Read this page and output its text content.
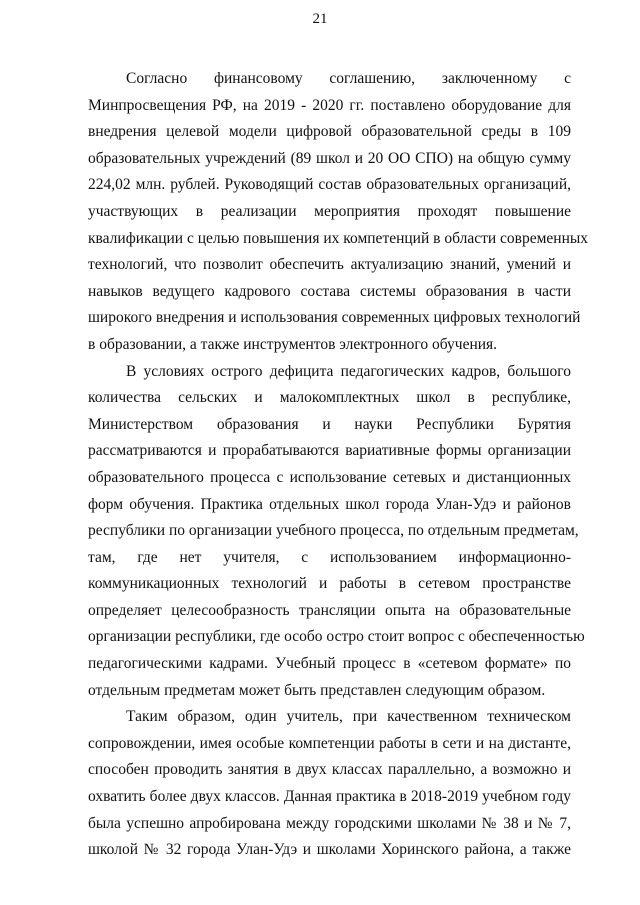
21
Согласно финансовому соглашению, заключенному с
Минпросвещения РФ, на 2019 - 2020 гг. поставлено оборудование для
внедрения целевой модели цифровой образовательной среды в 109
образовательных учреждений (89 школ и 20 ОО СПО) на общую сумму
224,02 млн. рублей. Руководящий состав образовательных организаций,
участвующих в реализации мероприятия проходят повышение
квалификации с целью повышения их компетенций в области современных
технологий, что позволит обеспечить актуализацию знаний, умений и
навыков ведущего кадрового состава системы образования в части
широкого внедрения и использования современных цифровых технологий
в образовании, а также инструментов электронного обучения.
В условиях острого дефицита педагогических кадров, большого
количества сельских и малокомплектных школ в республике,
Министерством образования и науки Республики Бурятия
рассматриваются и прорабатываются вариативные формы организации
образовательного процесса с использование сетевых и дистанционных
форм обучения. Практика отдельных школ города Улан-Удэ и районов
республики по организации учебного процесса, по отдельным предметам,
там, где нет учителя, с использованием информационно-
коммуникационных технологий и работы в сетевом пространстве
определяет целесообразность трансляции опыта на образовательные
организации республики, где особо остро стоит вопрос с обеспеченностью
педагогическими кадрами. Учебный процесс в «сетевом формате» по
отдельным предметам может быть представлен следующим образом.
Таким образом, один учитель, при качественном техническом
сопровождении, имея особые компетенции работы в сети и на дистанте,
способен проводить занятия в двух классах параллельно, а возможно и
охватить более двух классов. Данная практика в 2018-2019 учебном году
была успешно апробирована между городскими школами № 38 и № 7,
школой № 32 города Улан-Удэ и школами Хоринского района, а также
